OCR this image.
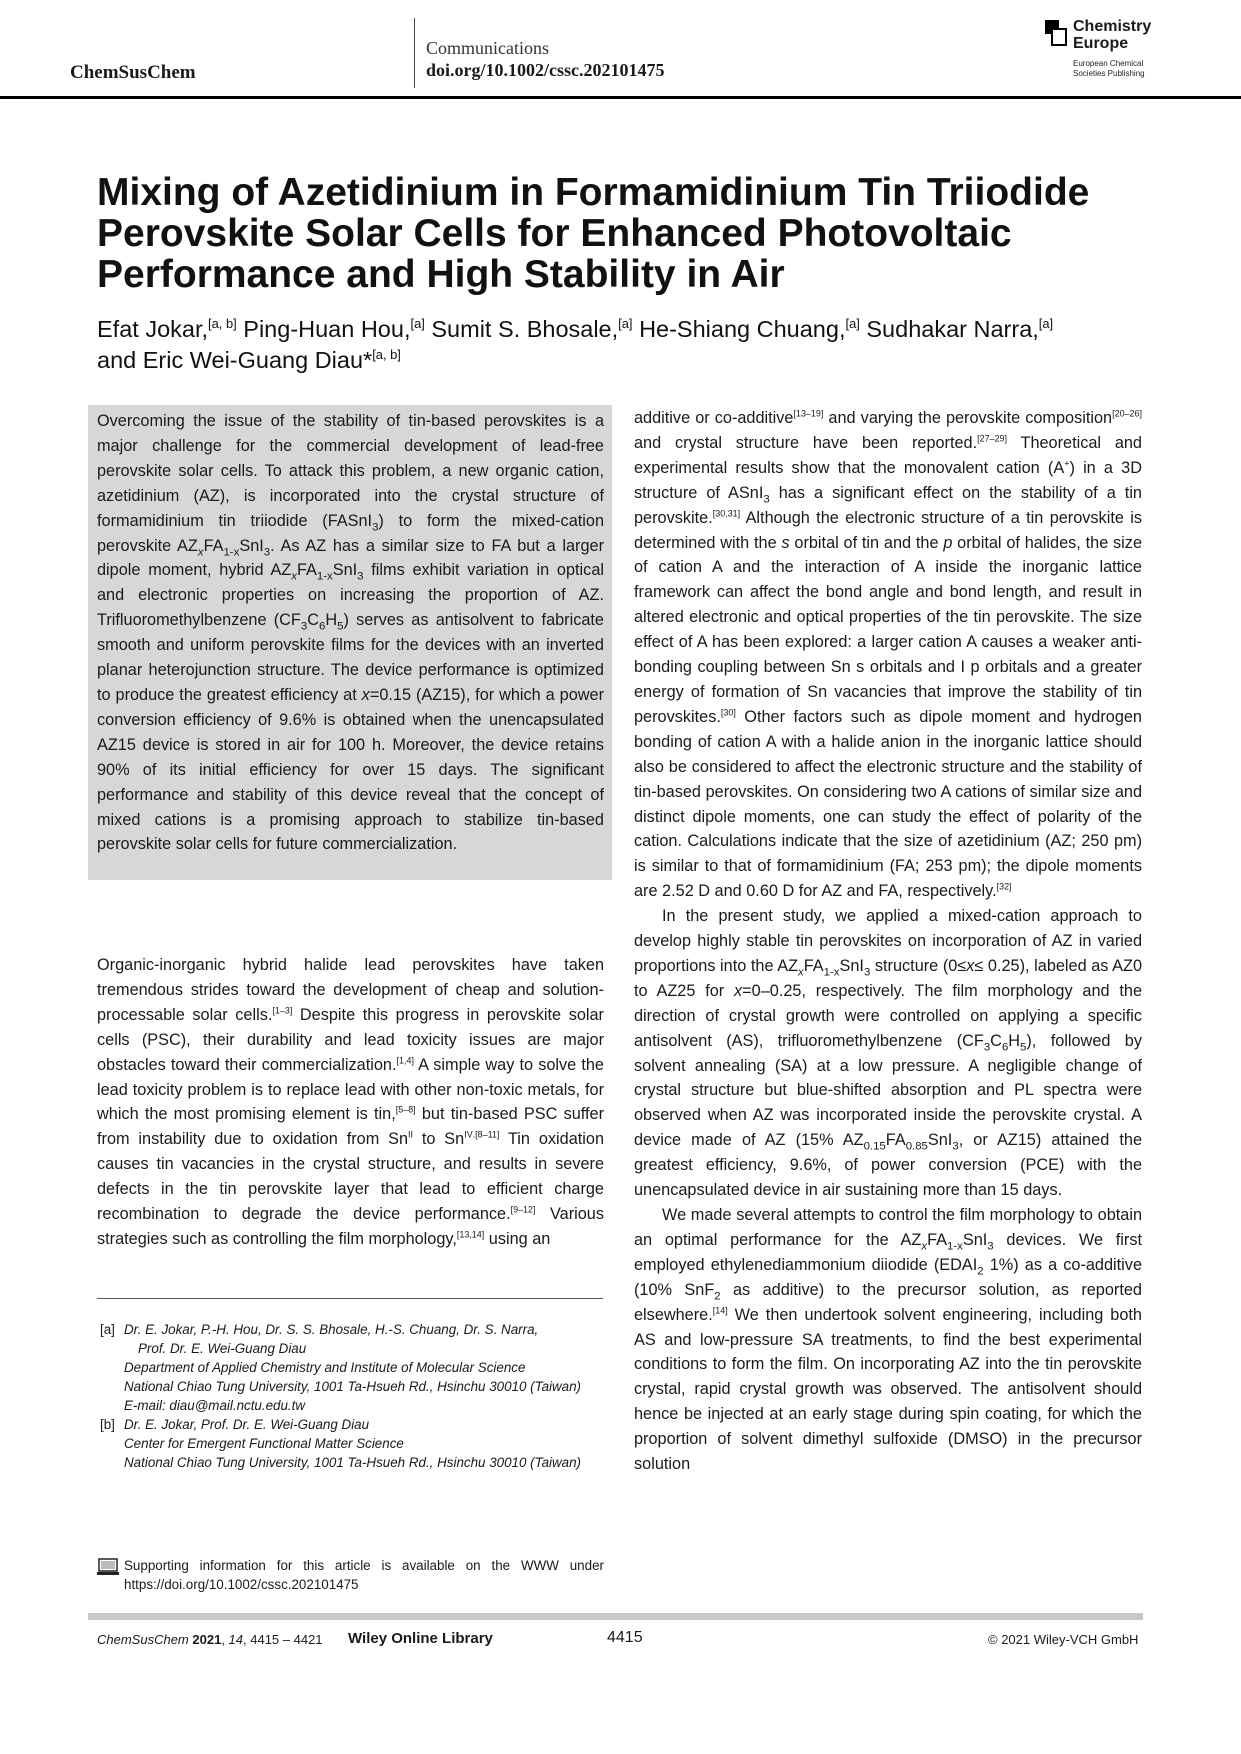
ChemSusChem
Communications
doi.org/10.1002/cssc.202101475
Chemistry
Europe
European Chemical
Societies Publishing
Mixing of Azetidinium in Formamidinium Tin Triiodide
Perovskite Solar Cells for Enhanced Photovoltaic
Performance and High Stability in Air
Efat Jokar,[a, b] Ping-Huan Hou,[a] Sumit S. Bhosale,[a] He-Shiang Chuang,[a] Sudhakar Narra,[a]
and Eric Wei-Guang Diau*[a, b]
Overcoming the issue of the stability of tin-based perovskites is a major challenge for the commercial development of lead-free perovskite solar cells. To attack this problem, a new organic cation, azetidinium (AZ), is incorporated into the crystal structure of formamidinium tin triiodide (FASnI$_3$) to form the mixed-cation perovskite $AZ_xFA_{1-x}SnI_3$. As AZ has a similar size to FA but a larger dipole moment, hybrid $AZ_xFA_{1-x}SnI_3$ films exhibit variation in optical and electronic properties on increasing the proportion of AZ. Trifluoromethylbenzene $(CF_3C_6H_5)$ serves as antisolvent to fabricate smooth and uniform perovskite films for the devices with an inverted planar heterojunction structure. The device performance is optimized to produce the greatest efficiency at x=0.15 (AZ15), for which a power conversion efficiency of 9.6% is obtained when the unencapsulated AZ15 device is stored in air for 100 h. Moreover, the device retains 90% of its initial efficiency for over 15 days. The significant performance and stability of this device reveal that the concept of mixed cations is a promising approach to stabilize tin-based perovskite solar cells for future commercialization.

Organic-inorganic hybrid halide lead perovskites have taken tremendous strides toward the development of cheap and solution-processable solar cells.[1–3] Despite this progress in perovskite solar cells (PSC), their durability and lead toxicity issues are major obstacles toward their commercialization.[1,4] A simple way to solve the lead toxicity problem is to replace lead with other non-toxic metals, for which the most promising element is tin,[5–8] but tin-based PSC suffer from instability due to oxidation from $Sn^{II}$ to $Sn^{IV.[8-11]}$ Tin oxidation causes tin vacancies in the crystal structure, and results in severe defects in the tin perovskite layer that lead to efficient charge recombination to degrade the device performance.[9–12] Various strategies such as controlling the film morphology,[13,14] using an

additive or co-additive[13–19] and varying the perovskite composition[20–26] and crystal structure have been reported.[27–29] Theoretical and experimental results show that the monovalent cation (A+) in a 3D structure of ASnI$_3$ has a significant effect on the stability of a tin perovskite.[30,31] Although the electronic structure of a tin perovskite is determined with the s orbital of tin and the p orbital of halides, the size of cation A and the interaction of A inside the inorganic lattice framework can affect the bond angle and bond length, and result in altered electronic and optical properties of the tin perovskite. The size effect of A has been explored: a larger cation A causes a weaker anti-bonding coupling between Sn s orbitals and I p orbitals and a greater energy of formation of Sn vacancies that improve the stability of tin perovskites.[30] Other factors such as dipole moment and hydrogen bonding of cation A with a halide anion in the inorganic lattice should also be considered to affect the electronic structure and the stability of tin-based perovskites. On considering two A cations of similar size and distinct dipole moments, one can study the effect of polarity of the cation. Calculations indicate that the size of azetidinium (AZ; 250 pm) is similar to that of formamidinium (FA; 253 pm); the dipole moments are 2.52 D and 0.60 D for AZ and FA, respectively.[32]

In the present study, we applied a mixed-cation approach to develop highly stable tin perovskites on incorporation of AZ in varied proportions into the $AZ_xFA_{1-x}SnI_3$ structure (0≤x≤ 0.25), labeled as AZ0 to AZ25 for x=0–0.25, respectively. The film morphology and the direction of crystal growth were controlled on applying a specific antisolvent (AS), trifluoromethylbenzene $(CF_3C_6H_5)$, followed by solvent annealing (SA) at a low pressure. A negligible change of crystal structure but blue-shifted absorption and PL spectra were observed when AZ was incorporated inside the perovskite crystal. A device made of AZ (15% $AZ_{0.15}FA_{0.85}SnI_3$, or AZ15) attained the greatest efficiency, 9.6%, of power conversion (PCE) with the unencapsulated device in air sustaining more than 15 days.

We made several attempts to control the film morphology to obtain an optimal performance for the $AZ_xFA_{1-x}SnI_3$ devices. We first employed ethylenediammonium diiodide ($EDAI_2$ 1%) as a co-additive (10% SnF$_2$ as additive) to the precursor solution, as reported elsewhere.[14] We then undertook solvent engineering, including both AS and low-pressure SA treatments, to find the best experimental conditions to form the film. On incorporating AZ into the tin perovskite crystal, rapid crystal growth was observed. The antisolvent should hence be injected at an early stage during spin coating, for which the proportion of solvent dimethyl sulfoxide (DMSO) in the precursor solution

[a] Dr. E. Jokar, P.-H. Hou, Dr. S. S. Bhosale, H.-S. Chuang, Dr. S. Narra,
Prof. Dr. E. Wei-Guang Diau
Department of Applied Chemistry and Institute of Molecular Science
National Chiao Tung University, 1001 Ta-Hsueh Rd., Hsinchu 30010 (Taiwan)
E-mail: diau@mail.nctu.edu.tw
[b] Dr. E. Jokar, Prof. Dr. E. Wei-Guang Diau
Center for Emergent Functional Matter Science
National Chiao Tung University, 1001 Ta-Hsueh Rd., Hsinchu 30010 (Taiwan)
Supporting information for this article is available on the WWW under https://doi.org/10.1002/cssc.202101475
ChemSusChem 2021, 14, 4415 – 4421 Wiley Online Library	4415	© 2021 Wiley-VCH GmbH
